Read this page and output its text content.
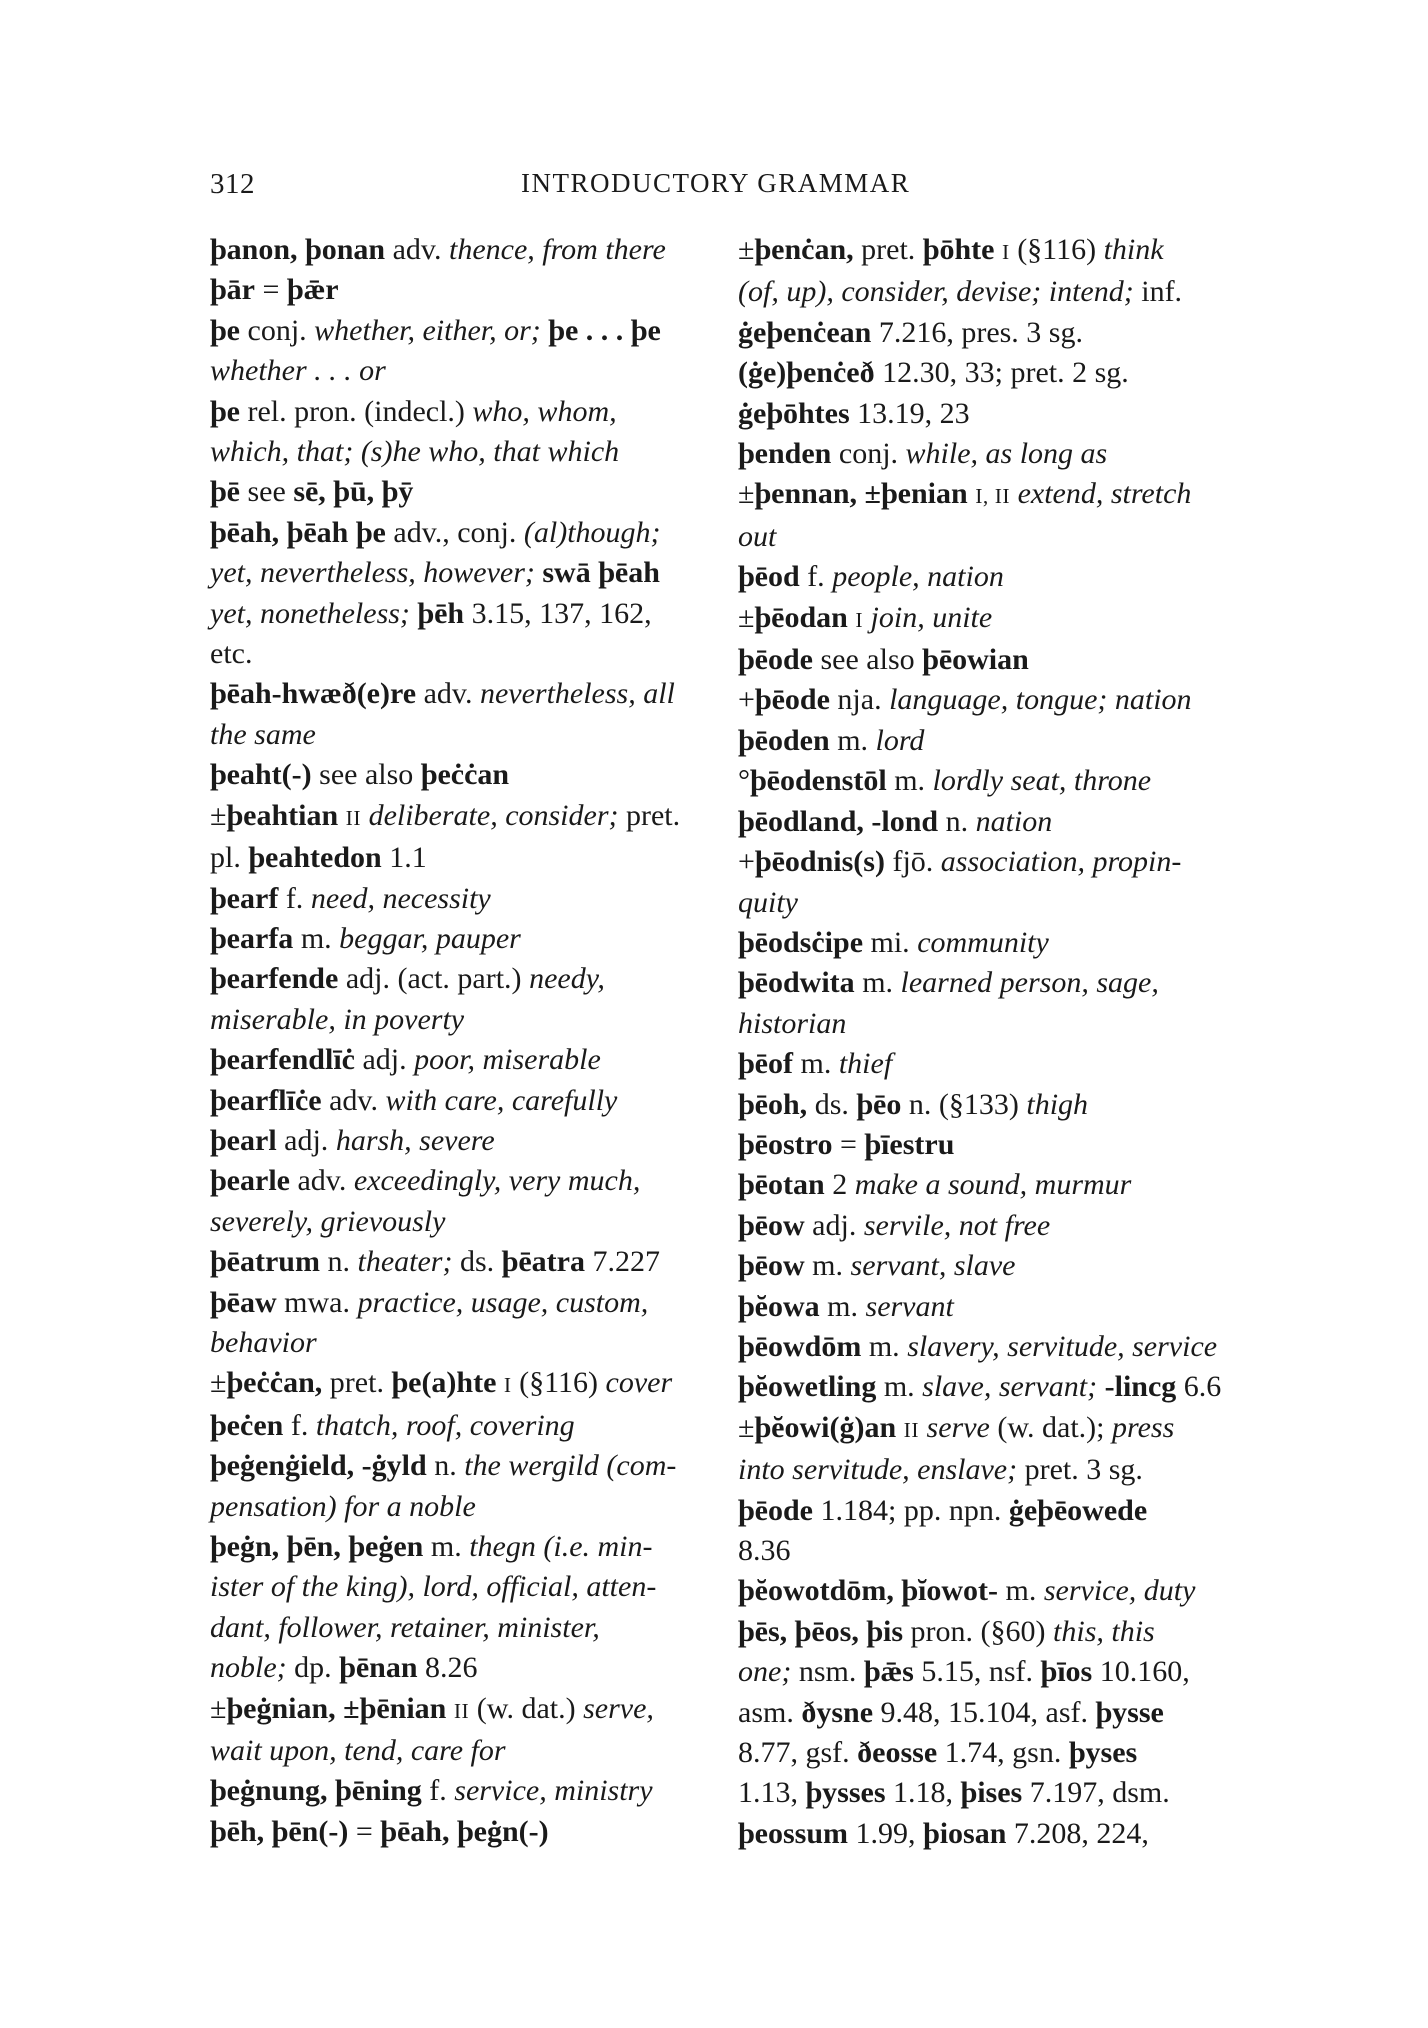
312	INTRODUCTORY GRAMMAR

þanon, þonan adv. thence, from there

þār = þǣr

þe conj. whether, either, or; þe . . . þe
whether . . . or

þe rel. pron. (indecl.) who, whom,
which, that; (s)he who, that which

þē see sē, þū, þȳ

þēah, þēah þe adv., conj. (al)though;
yet, nevertheless, however; swā þēah
yet, nonetheless; þēh 3.15, 137, 162,
etc.

þēah-hwæð(e)re adv. nevertheless, all
the same

þeaht(-) see also þeċċan

±þeahtian II deliberate, consider; pret.
pl. þeahtedon 1.1

þearf f. need, necessity

þearfa m. beggar, pauper

þearfende adj. (act. part.) needy,
miserable, in poverty

þearfendlīċ adj. poor, miserable

þearflīċe adv. with care, carefully

þearl adj. harsh, severe

þearle adv. exceedingly, very much,
severely, grievously

þēatrum n. theater; ds. þēatra 7.227

þēaw mwa. practice, usage, custom,
behavior

±þeċċan, pret. þe(a)hte I (§116) cover

þeċen f. thatch, roof, covering

þeġenġield, -ġyld n. the wergild (com-
pensation) for a noble

þeġn, þēn, þeġen m. thegn (i.e. min-
ister of the king), lord, official, atten-
dant, follower, retainer, minister,
noble; dp. þēnan 8.26

±þeġnian, ±þēnian II (w. dat.) serve,
wait upon, tend, care for

þeġnung, þēning f. service, ministry

þēh, þēn(-) = þēah, þeġn(-)

±þenċan, pret. þōhte I (§116) think
(of, up), consider, devise; intend; inf.
ġeþenċean 7.216, pres. 3 sg.
(ġe)þenċeð 12.30, 33; pret. 2 sg.
ġeþōhtes 13.19, 23

þenden conj. while, as long as

±þennan, ±þenian I, II extend, stretch
out

þēod f. people, nation

±þēodan I join, unite

þēode see also þēowian

+þēode nja. language, tongue; nation

þēoden m. lord

°þēodenstōl m. lordly seat, throne

þēodland, -lond n. nation

+þēodnis(s) fjō. association, propin-
quity

þēodsċipe mi. community

þēodwita m. learned person, sage,
historian

þēof m. thief

þēoh, ds. þēo n. (§133) thigh

þēostro = þīestru

þēotan 2 make a sound, murmur

þēow adj. servile, not free

þēow m. servant, slave

þĕowa m. servant

þēowdōm m. slavery, servitude, service

þĕowetling m. slave, servant; -lincg 6.6

±þĕowi(ġ)an II serve (w. dat.); press
into servitude, enslave; pret. 3 sg.
þēode 1.184; pp. npn. ġeþēowede
8.36

þĕowotdōm, þĭowot- m. service, duty

þēs, þēos, þis pron. (§60) this, this
one; nsm. þǣs 5.15, nsf. þīos 10.160,
asm. ðysne 9.48, 15.104, asf. þysse
8.77, gsf. ðeosse 1.74, gsn. þyses
1.13, þysses 1.18, þises 7.197, dsm.
þeossum 1.99, þiosan 7.208, 224,
